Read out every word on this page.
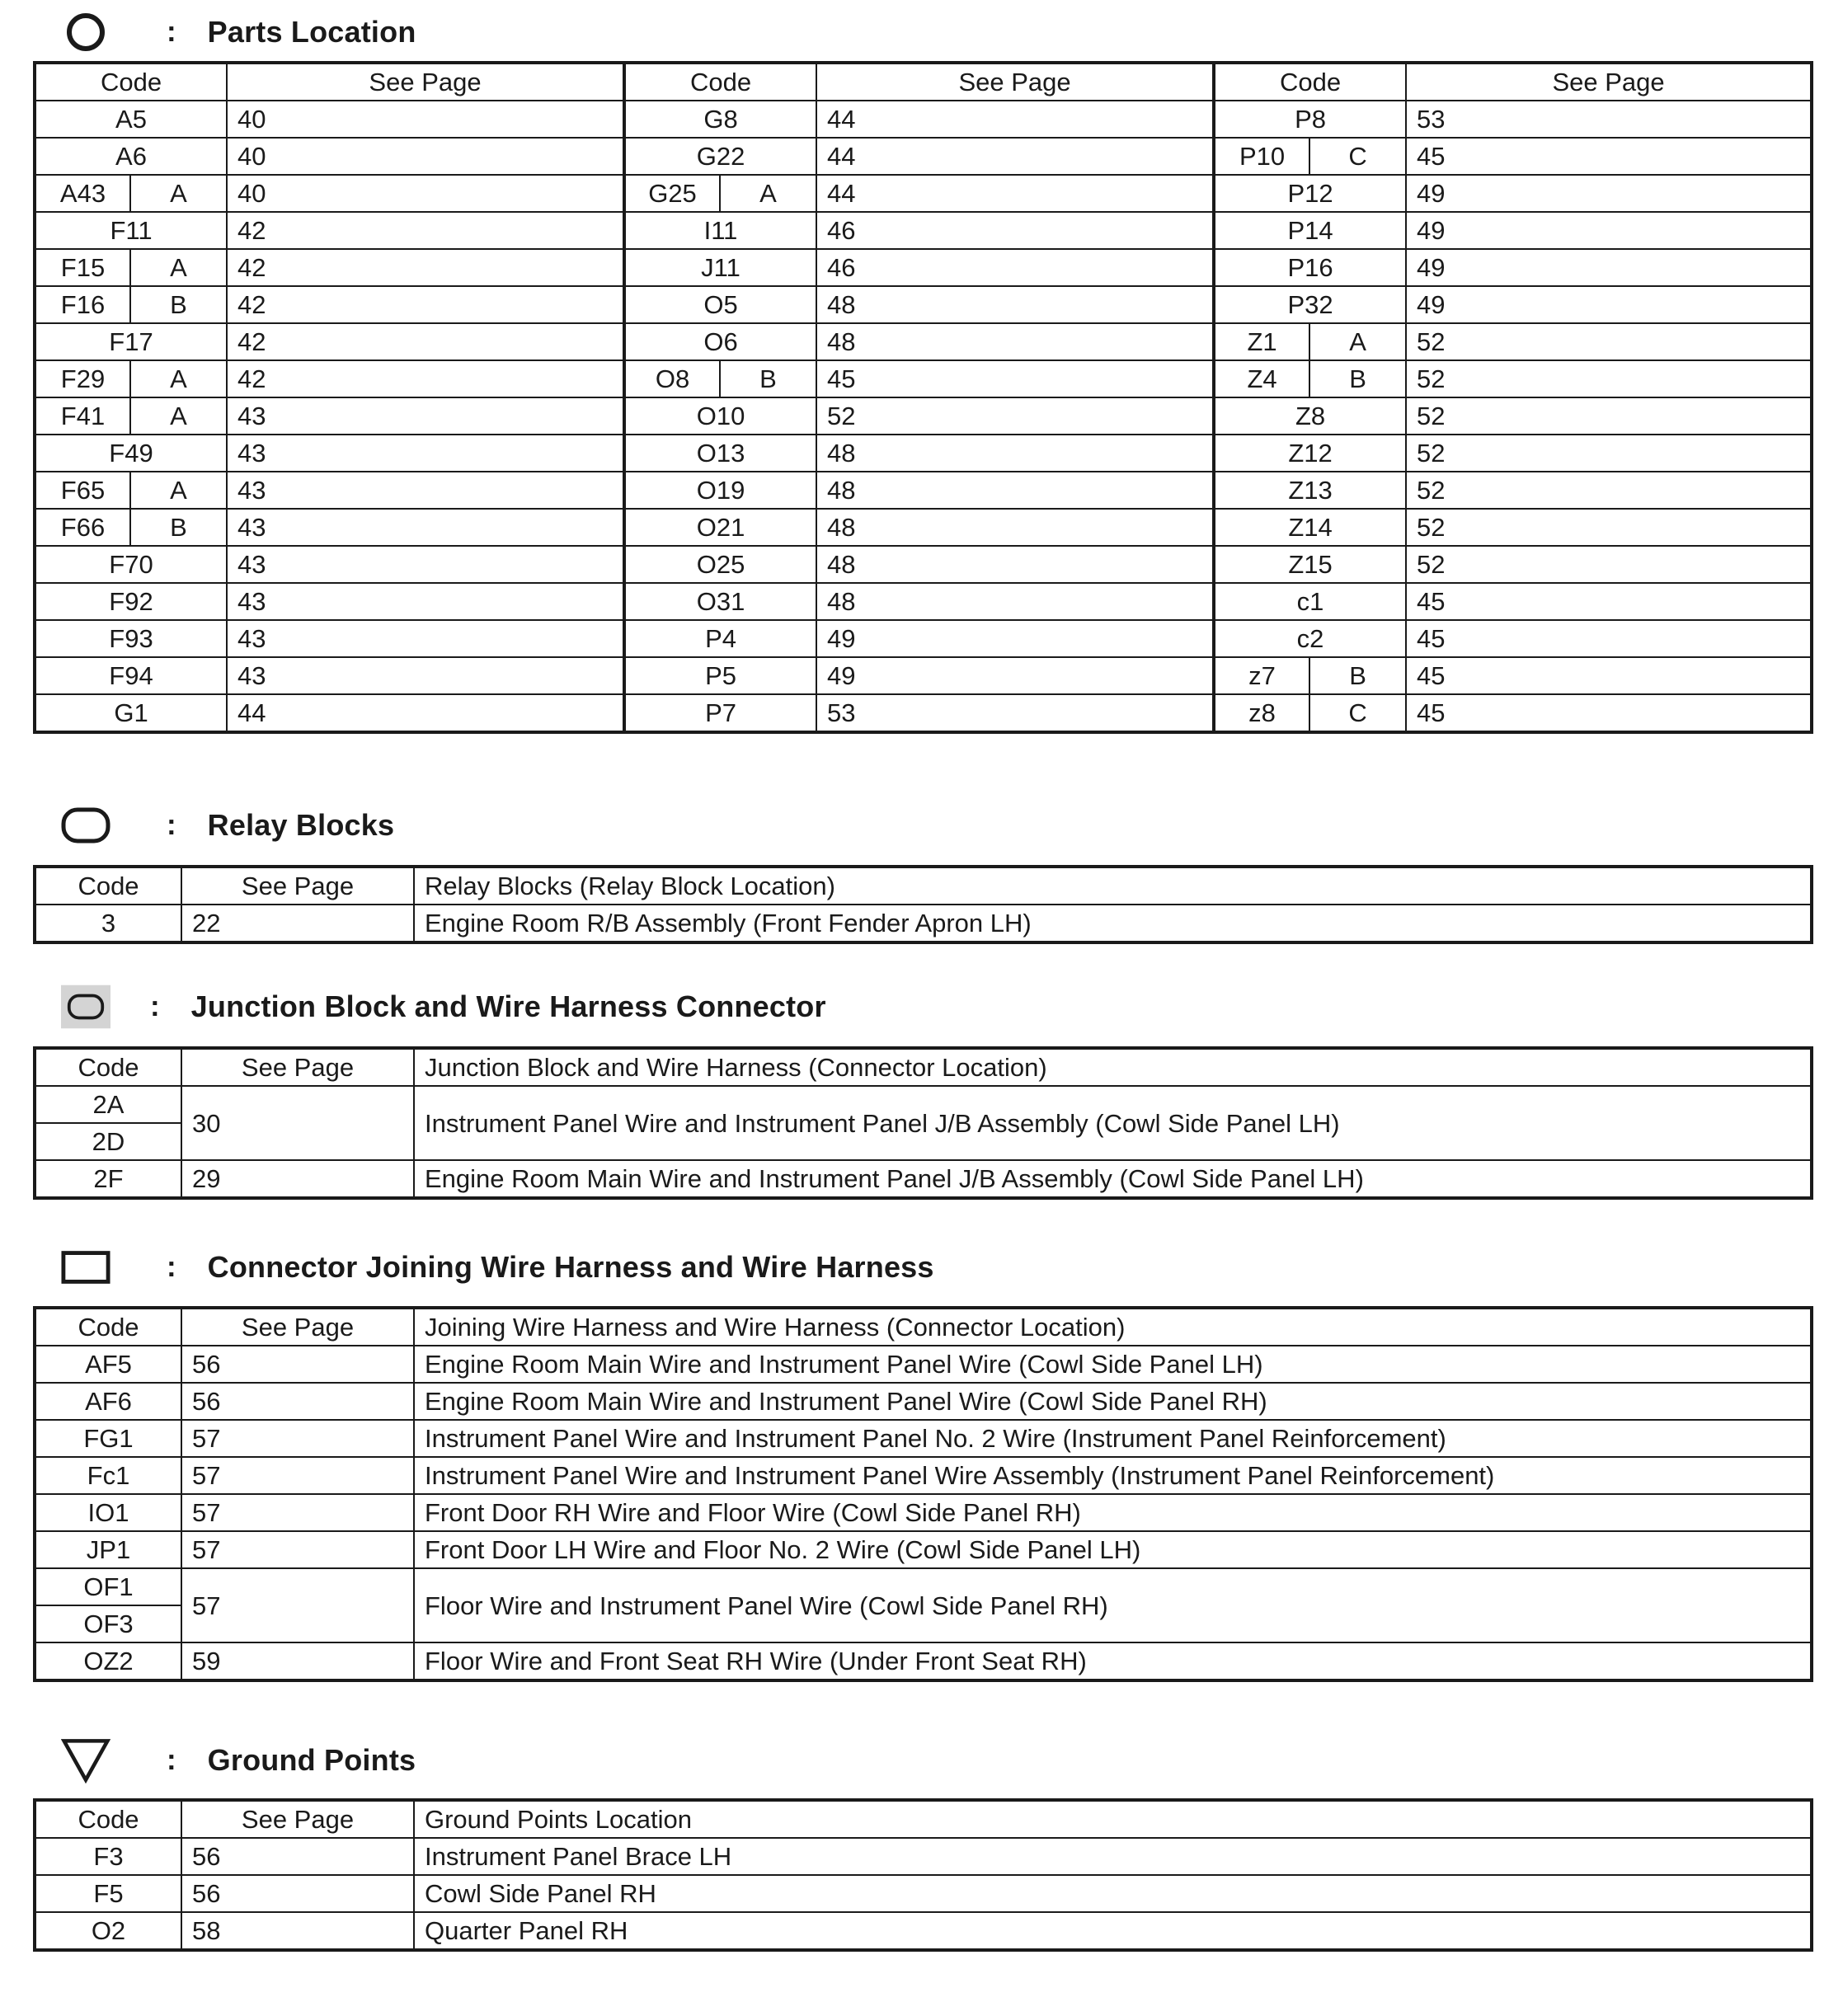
: Parts Location
Code		See Page	Code		See Page	Code		See Page
A5		40	G8		44	P8		53
A6		40	G22		44	P10	C	45
A43	A	40	G25	A	44	P12		49
F11		42	I11		46	P14		49
F15	A	42	J11		46	P16		49
F16	B	42	O5		48	P32		49
F17		42	O6		48	Z1	A	52
F29	A	42	O8	B	45	Z4	B	52
F41	A	43	O10		52	Z8		52
F49		43	O13		48	Z12		52
F65	A	43	O19		48	Z13		52
F66	B	43	O21		48	Z14		52
F70		43	O25		48	Z15		52
F92		43	O31		48	c1		45
F93		43	P4		49	c2		45
F94		43	P5		49	z7	B	45
G1		44	P7		53	z8	C	45
: Relay Blocks
Code	See Page	Relay Blocks (Relay Block Location)
3	22	Engine Room R/B Assembly (Front Fender Apron LH)
: Junction Block and Wire Harness Connector
Code	See Page	Junction Block and Wire Harness (Connector Location)
2A	30	Instrument Panel Wire and Instrument Panel J/B Assembly (Cowl Side Panel LH)
2D		
2F	29	Engine Room Main Wire and Instrument Panel J/B Assembly (Cowl Side Panel LH)
: Connector Joining Wire Harness and Wire Harness
Code	See Page	Joining Wire Harness and Wire Harness (Connector Location)
AF5	56	Engine Room Main Wire and Instrument Panel Wire (Cowl Side Panel LH)
AF6	56	Engine Room Main Wire and Instrument Panel Wire (Cowl Side Panel RH)
FG1	57	Instrument Panel Wire and Instrument Panel No. 2 Wire (Instrument Panel Reinforcement)
Fc1	57	Instrument Panel Wire and Instrument Panel Wire Assembly (Instrument Panel Reinforcement)
IO1	57	Front Door RH Wire and Floor Wire (Cowl Side Panel RH)
JP1	57	Front Door LH Wire and Floor No. 2 Wire (Cowl Side Panel LH)
OF1	57	Floor Wire and Instrument Panel Wire (Cowl Side Panel RH)
OF3		
OZ2	59	Floor Wire and Front Seat RH Wire (Under Front Seat RH)
: Ground Points
Code	See Page	Ground Points Location
F3	56	Instrument Panel Brace LH
F5	56	Cowl Side Panel RH
O2	58	Quarter Panel RH
